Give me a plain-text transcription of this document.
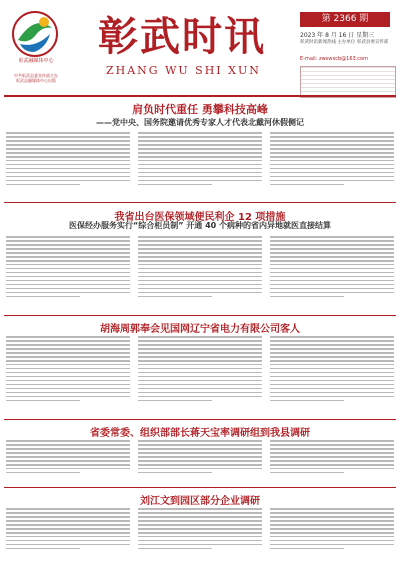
彰武融媒体中心
中共彰武县委宣传部主办
彰武县融媒体中心出版
彰武时讯
ZHANG WU SHI XUN
第 2366 期
2023 年 8 月 16 日 星期三
彰武时讯新闻热线 主办单位 彰武县委宣传部
E-mail: zwswxcb@163.com
肩负时代重任 勇攀科技高峰
——党中央、国务院邀请优秀专家人才代表北戴河休假侧记
我省出台医保领域便民利企 12 项措施
医保经办服务实行“综合柜员制” 开通 40 个病种的省内异地就医直接结算
胡海周郭奉会见国网辽宁省电力有限公司客人
省委常委、组织部部长蒋天宝率调研组到我县调研
刘江文到园区部分企业调研
